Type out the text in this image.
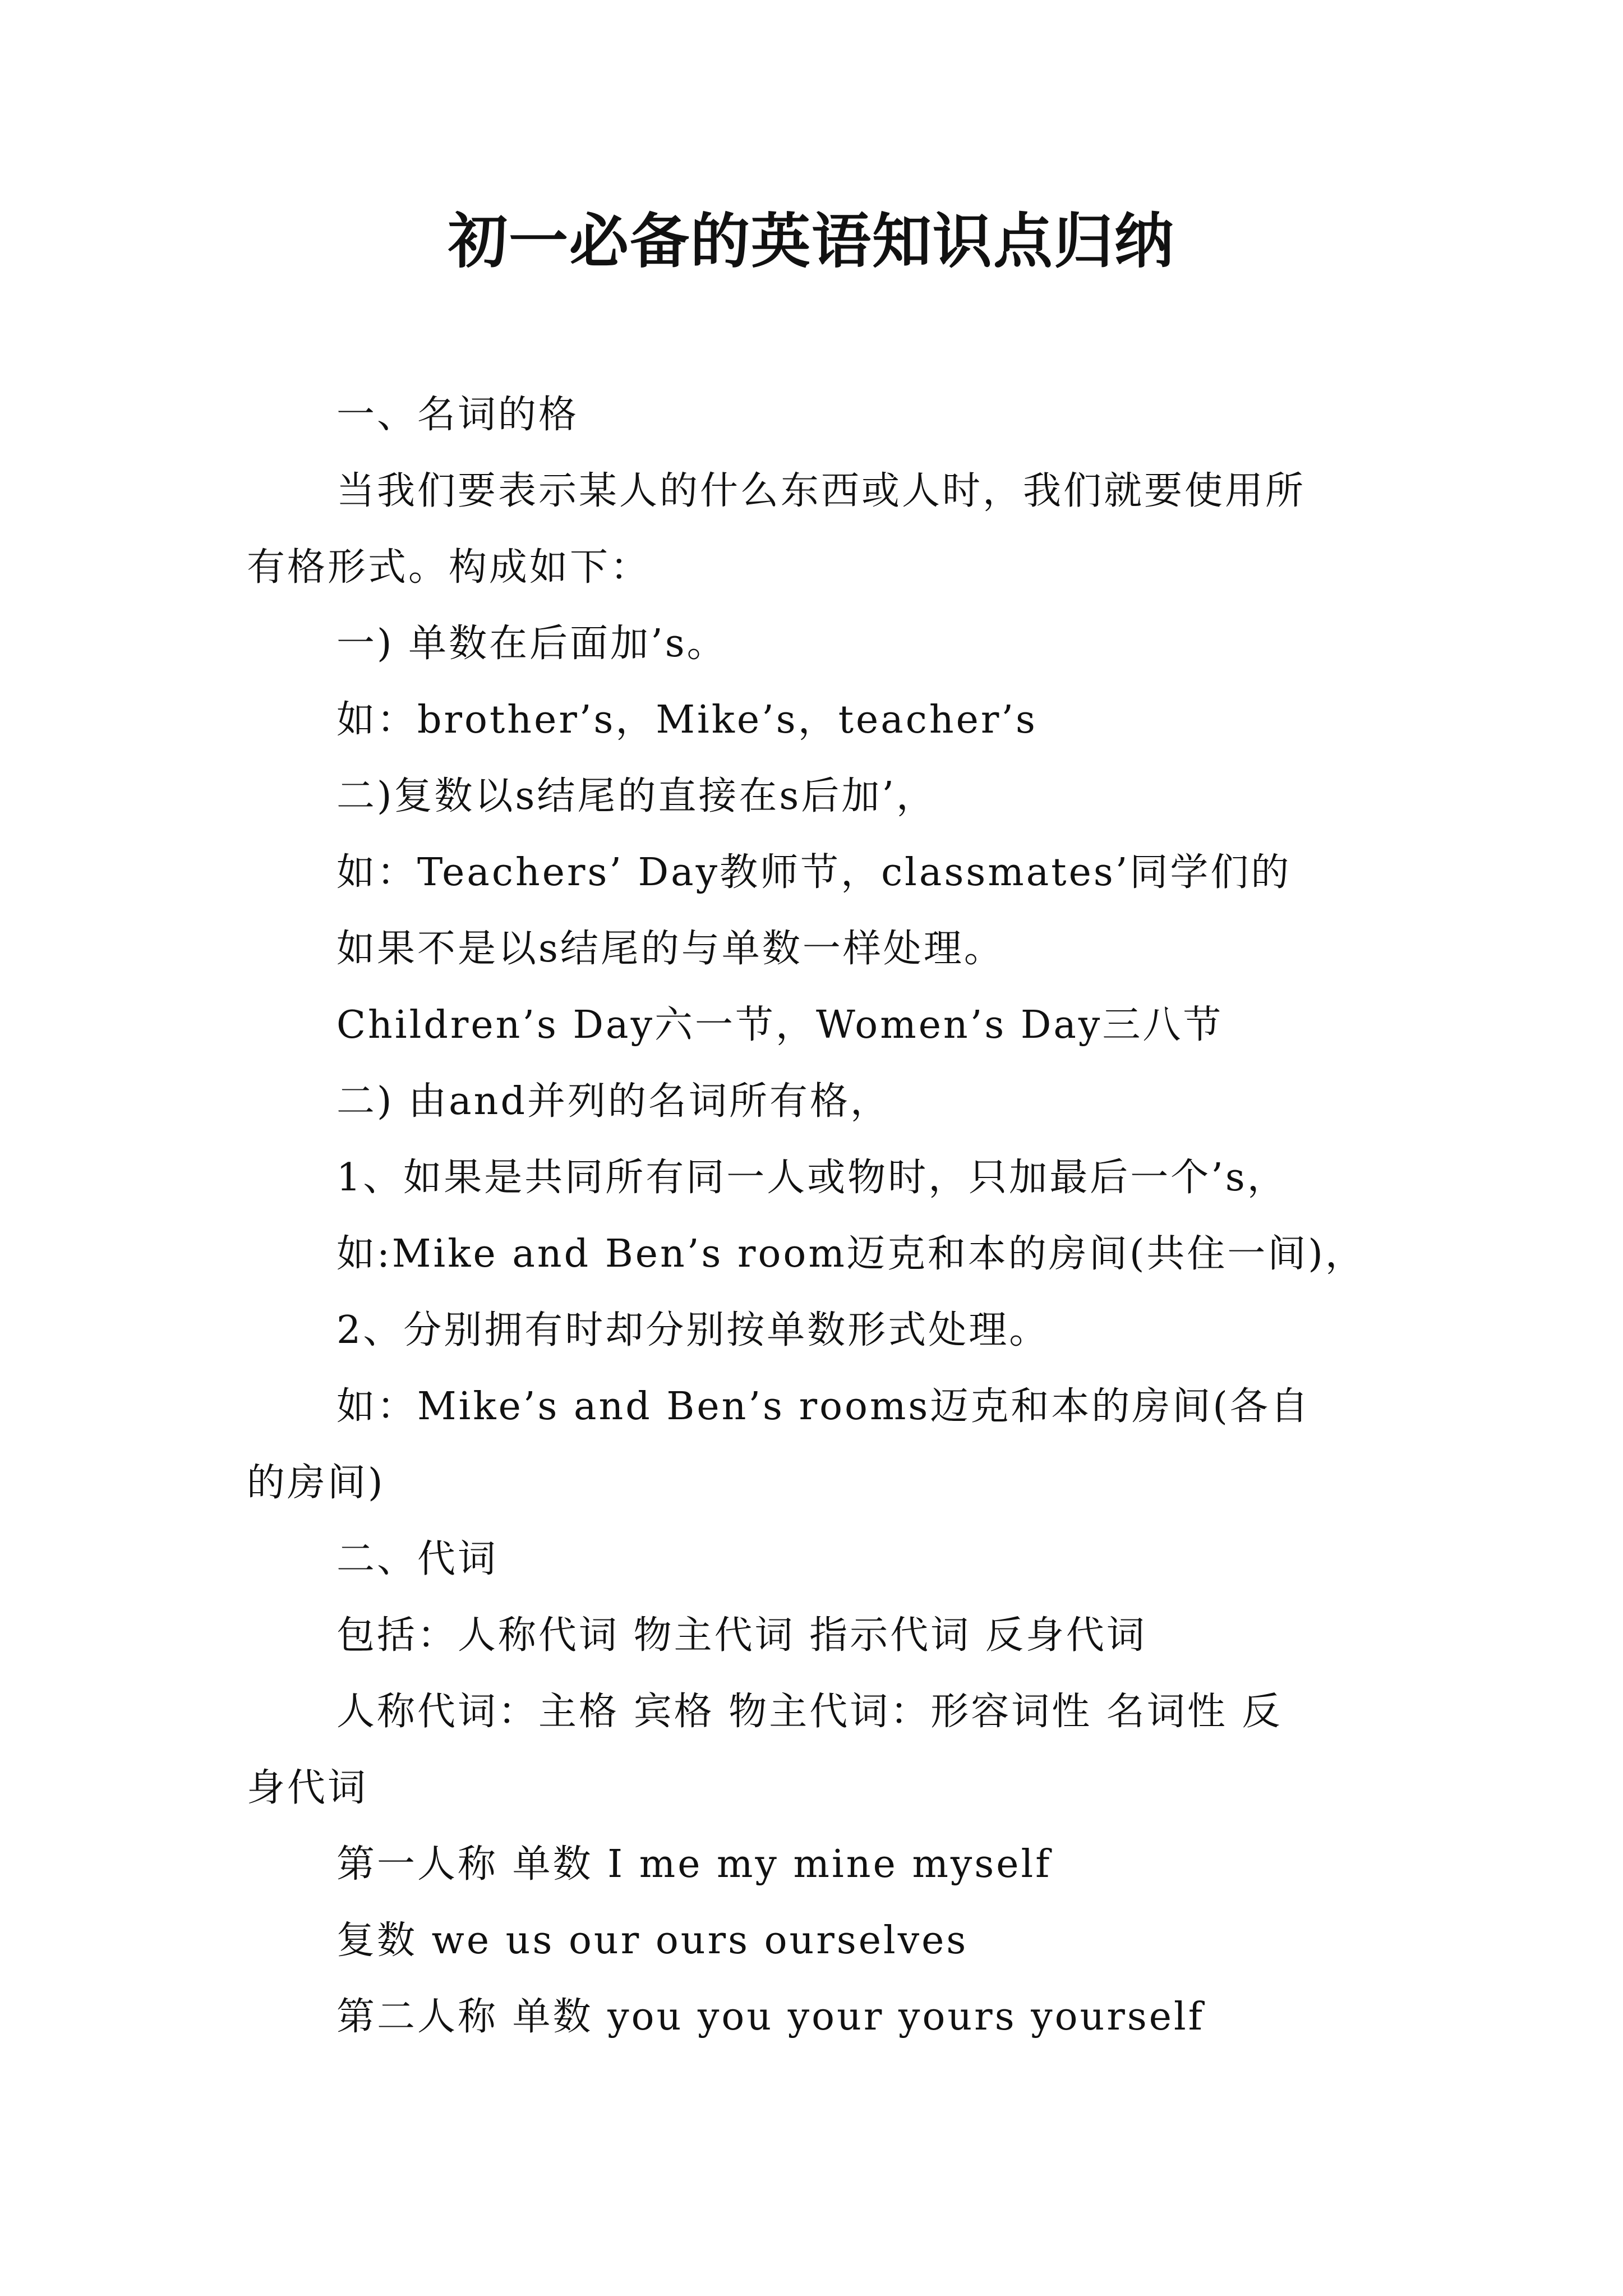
初一必备的英语知识点归纳
一、名词的格
当我们要表示某人的什么东西或人时，我们就要使用所
有格形式。构成如下：
一) 单数在后面加’s。
如：brother’s，Mike’s，teacher’s
二)复数以s结尾的直接在s后加’，
如：Teachers’ Day教师节，classmates’同学们的
如果不是以s结尾的与单数一样处理。
Children’s Day六一节，Women’s Day三八节
二) 由and并列的名词所有格，
1、如果是共同所有同一人或物时，只加最后一个’s，
如:Mike and Ben’s room迈克和本的房间(共住一间)，
2、分别拥有时却分别按单数形式处理。
如：Mike’s and Ben’s rooms迈克和本的房间(各自
的房间)
二、代词
包括：人称代词 物主代词 指示代词 反身代词
人称代词：主格 宾格 物主代词：形容词性 名词性 反
身代词
第一人称 单数 I me my mine myself
复数 we us our ours ourselves
第二人称 单数 you you your yours yourself
